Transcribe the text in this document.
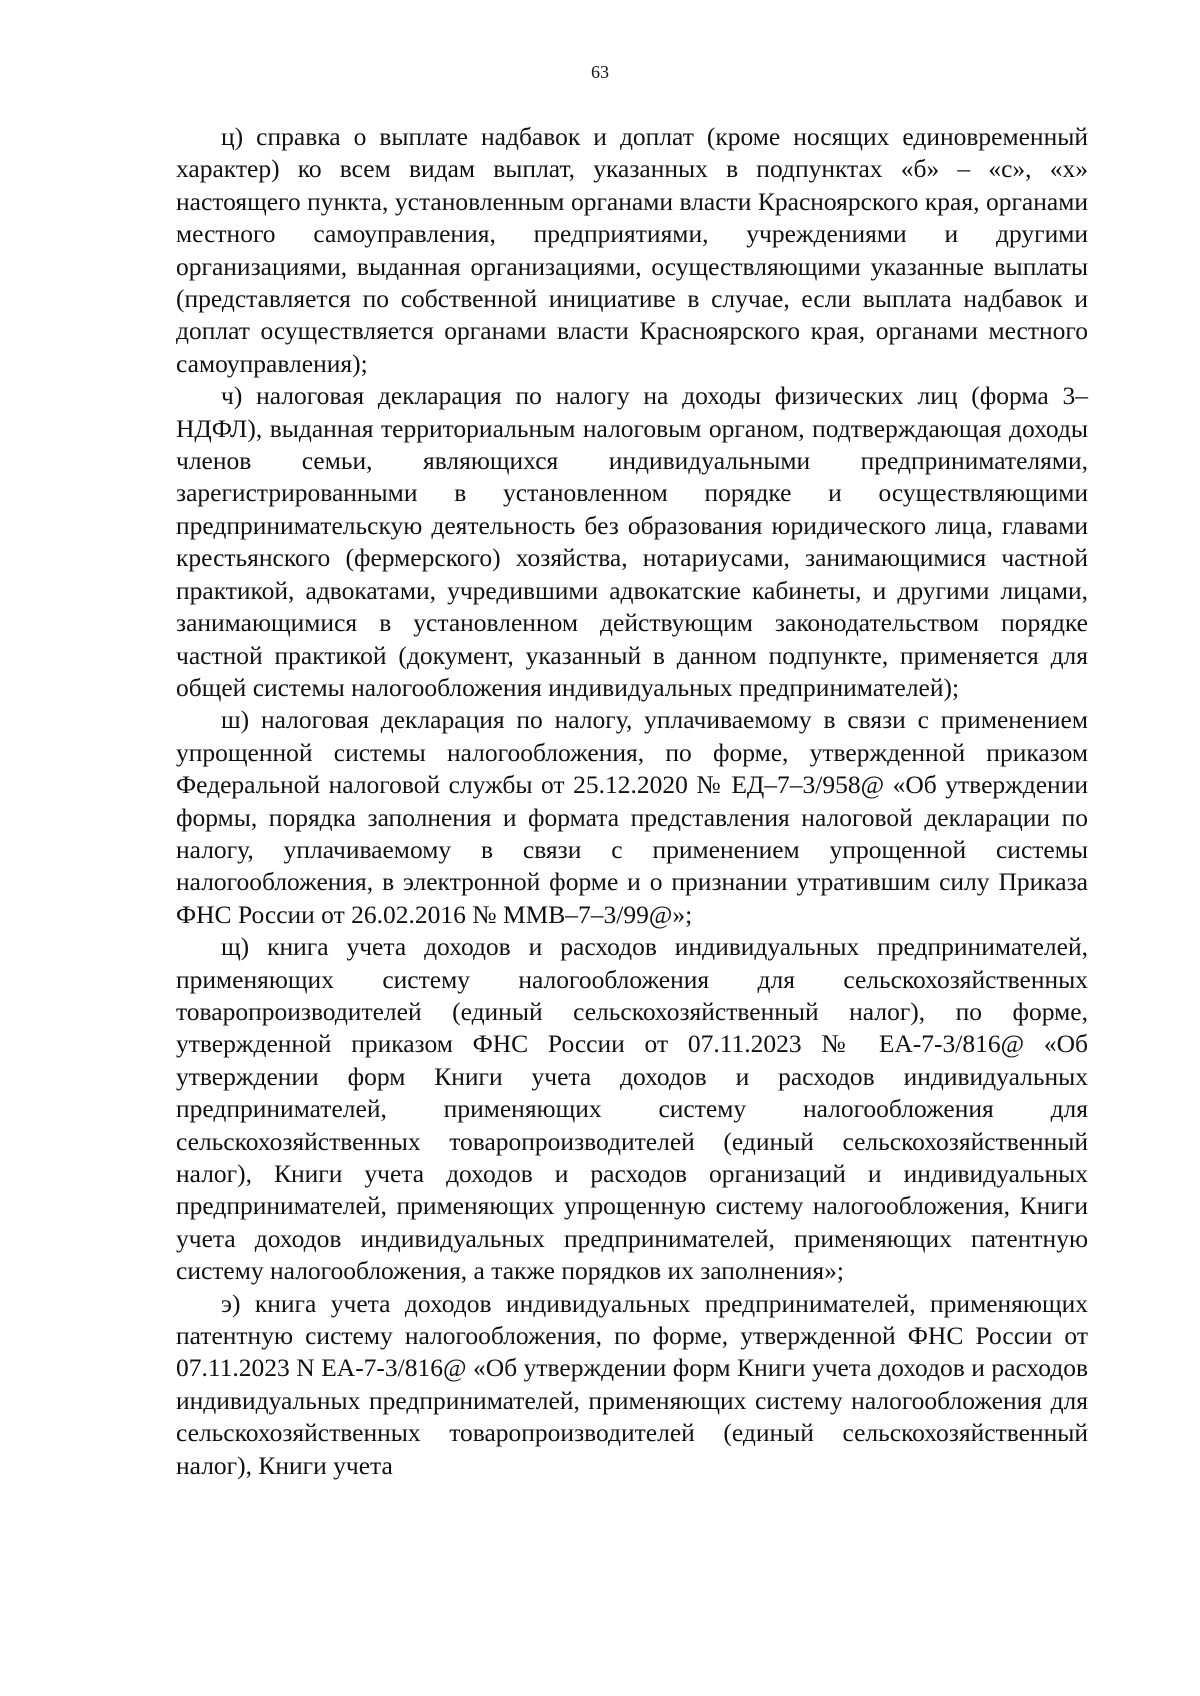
63

ц) справка о выплате надбавок и доплат (кроме носящих единовременный характер) ко всем видам выплат, указанных в подпунктах «б» – «с», «х» настоящего пункта, установленным органами власти Красноярского края, органами местного самоуправления, предприятиями, учреждениями и другими организациями, выданная организациями, осуществляющими указанные выплаты (представляется по собственной инициативе в случае, если выплата надбавок и доплат осуществляется органами власти Красноярского края, органами местного самоуправления);

ч) налоговая декларация по налогу на доходы физических лиц (форма 3–НДФЛ), выданная территориальным налоговым органом, подтверждающая доходы членов семьи, являющихся индивидуальными предпринимателями, зарегистрированными в установленном порядке и осуществляющими предпринимательскую деятельность без образования юридического лица, главами крестьянского (фермерского) хозяйства, нотариусами, занимающимися частной практикой, адвокатами, учредившими адвокатские кабинеты, и другими лицами, занимающимися в установленном действующим законодательством порядке частной практикой (документ, указанный в данном подпункте, применяется для общей системы налогообложения индивидуальных предпринимателей);

ш) налоговая декларация по налогу, уплачиваемому в связи с применением упрощенной системы налогообложения, по форме, утвержденной приказом Федеральной налоговой службы от 25.12.2020 № ЕД–7–3/958@ «Об утверждении формы, порядка заполнения и формата представления налоговой декларации по налогу, уплачиваемому в связи с применением упрощенной системы налогообложения, в электронной форме и о признании утратившим силу Приказа ФНС России от 26.02.2016 № ММВ–7–3/99@»;

щ) книга учета доходов и расходов индивидуальных предпринимателей, применяющих систему налогообложения для сельскохозяйственных товаропроизводителей (единый сельскохозяйственный налог), по форме, утвержденной приказом ФНС России от 07.11.2023 № ЕА-7-3/816@ «Об утверждении форм Книги учета доходов и расходов индивидуальных предпринимателей, применяющих систему налогообложения для сельскохозяйственных товаропроизводителей (единый сельскохозяйственный налог), Книги учета доходов и расходов организаций и индивидуальных предпринимателей, применяющих упрощенную систему налогообложения, Книги учета доходов индивидуальных предпринимателей, применяющих патентную систему налогообложения, а также порядков их заполнения»;

э) книга учета доходов индивидуальных предпринимателей, применяющих патентную систему налогообложения, по форме, утвержденной ФНС России от 07.11.2023 N ЕА-7-3/816@ «Об утверждении форм Книги учета доходов и расходов индивидуальных предпринимателей, применяющих систему налогообложения для сельскохозяйственных товаропроизводителей (единый сельскохозяйственный налог), Книги учета
